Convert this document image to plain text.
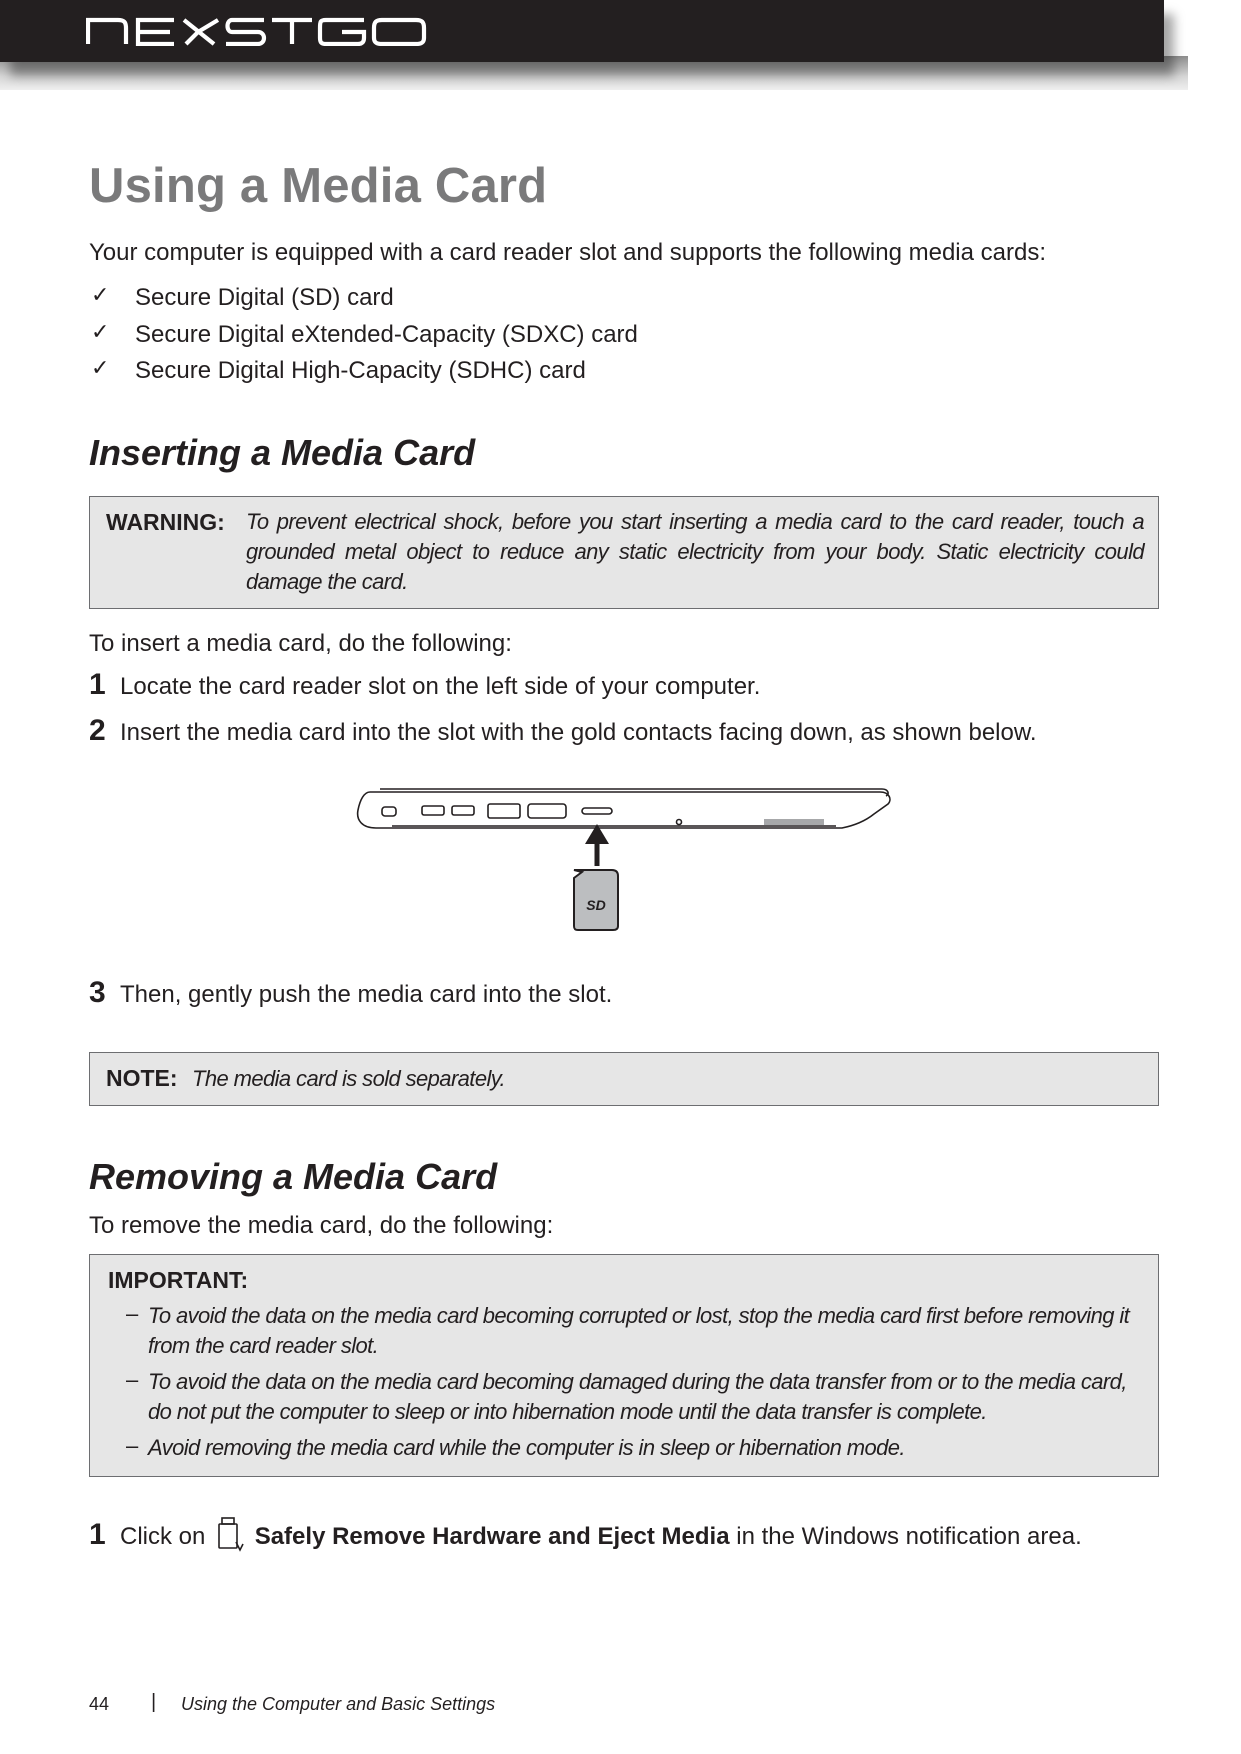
Using a Media Card

Your computer is equipped with a card reader slot and supports the following media cards:

✓ Secure Digital (SD) card
✓ Secure Digital eXtended-Capacity (SDXC) card
✓ Secure Digital High-Capacity (SDHC) card
Inserting a Media Card
WARNING: To prevent electrical shock, before you start inserting a media card to the card reader, touch a grounded metal object to reduce any static electricity from your body. Static electricity could damage the card.

To insert a media card, do the following:

1 Locate the card reader slot on the left side of your computer.
2 Insert the media card into the slot with the gold contacts facing down, as shown below.
SD
3 Then, gently push the media card into the slot.
NOTE: The media card is sold separately.
Removing a Media Card

To remove the media card, do the following:

IMPORTANT:
– To avoid the data on the media card becoming corrupted or lost, stop the media card first before removing it from the card reader slot.
– To avoid the data on the media card becoming damaged during the data transfer from or to the media card, do not put the computer to sleep or into hibernation mode until the data transfer is complete.
– Avoid removing the media card while the computer is in sleep or hibernation mode.
1 Click on Safely Remove Hardware and Eject Media in the Windows notification area.
44 | Using the Computer and Basic Settings
